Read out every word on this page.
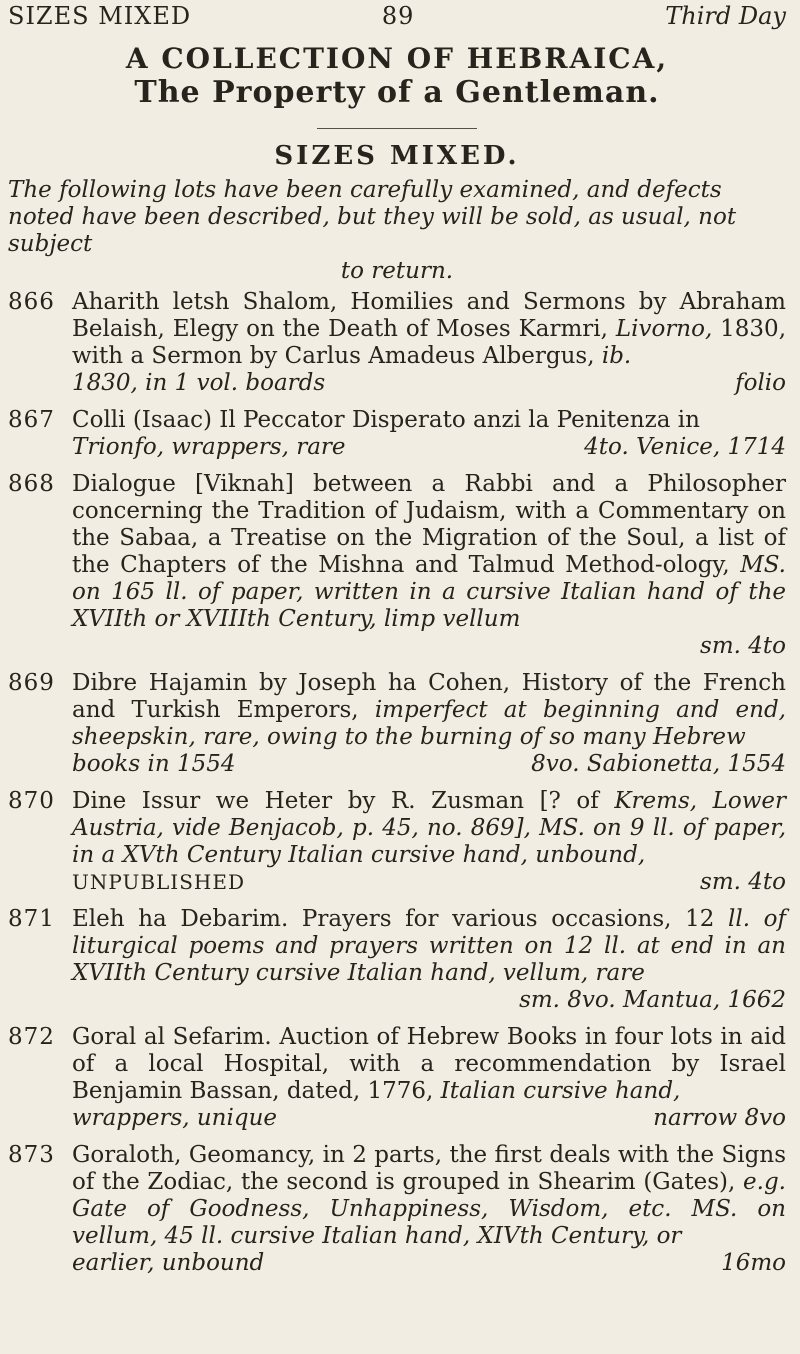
SIZES MIXED	89	Third Day
A COLLECTION OF HEBRAICA,
The Property of a Gentleman.
SIZES MIXED.

The following lots have been carefully examined, and defects noted have been described, but they will be sold, as usual, not subject
to return.

866 Aharith letsh Shalom, Homilies and Sermons by Abraham Belaish, Elegy on the Death of Moses Karmri, Livorno, 1830, with a Sermon by Carlus Amadeus Albergus, ib.
1830, in 1 vol. boards	folio
867 Colli (Isaac) Il Peccator Disperato anzi la Penitenza in
Trionfo, wrappers, rare	4to. Venice, 1714
868 Dialogue [Viknah] between a Rabbi and a Philosopher concerning the Tradition of Judaism, with a Commentary on the Sabaa, a Treatise on the Migration of the Soul, a list of the Chapters of the Mishna and Talmud Method-ology, MS. on 165 ll. of paper, written in a cursive Italian hand of the XVIIth or XVIIIth Century, limp vellum
sm. 4to
869 Dibre Hajamin by Joseph ha Cohen, History of the French and Turkish Emperors, imperfect at beginning and end, sheepskin, rare, owing to the burning of so many Hebrew
books in 1554	8vo. Sabionetta, 1554
870 Dine Issur we Heter by R. Zusman [? of Krems, Lower Austria, vide Benjacob, p. 45, no. 869], MS. on 9 ll. of paper, in a XVth Century Italian cursive hand, unbound,
UNPUBLISHED	sm. 4to
871 Eleh ha Debarim. Prayers for various occasions, 12 ll. of liturgical poems and prayers written on 12 ll. at end in an XVIIth Century cursive Italian hand, vellum, rare
sm. 8vo. Mantua, 1662
872 Goral al Sefarim. Auction of Hebrew Books in four lots in aid of a local Hospital, with a recommendation by Israel Benjamin Bassan, dated, 1776, Italian cursive hand,
wrappers, unique	narrow 8vo
873 Goraloth, Geomancy, in 2 parts, the first deals with the Signs of the Zodiac, the second is grouped in Shearim (Gates), e.g. Gate of Goodness, Unhappiness, Wisdom, etc. MS. on vellum, 45 ll. cursive Italian hand, XIVth Century, or
earlier, unbound	16mo
